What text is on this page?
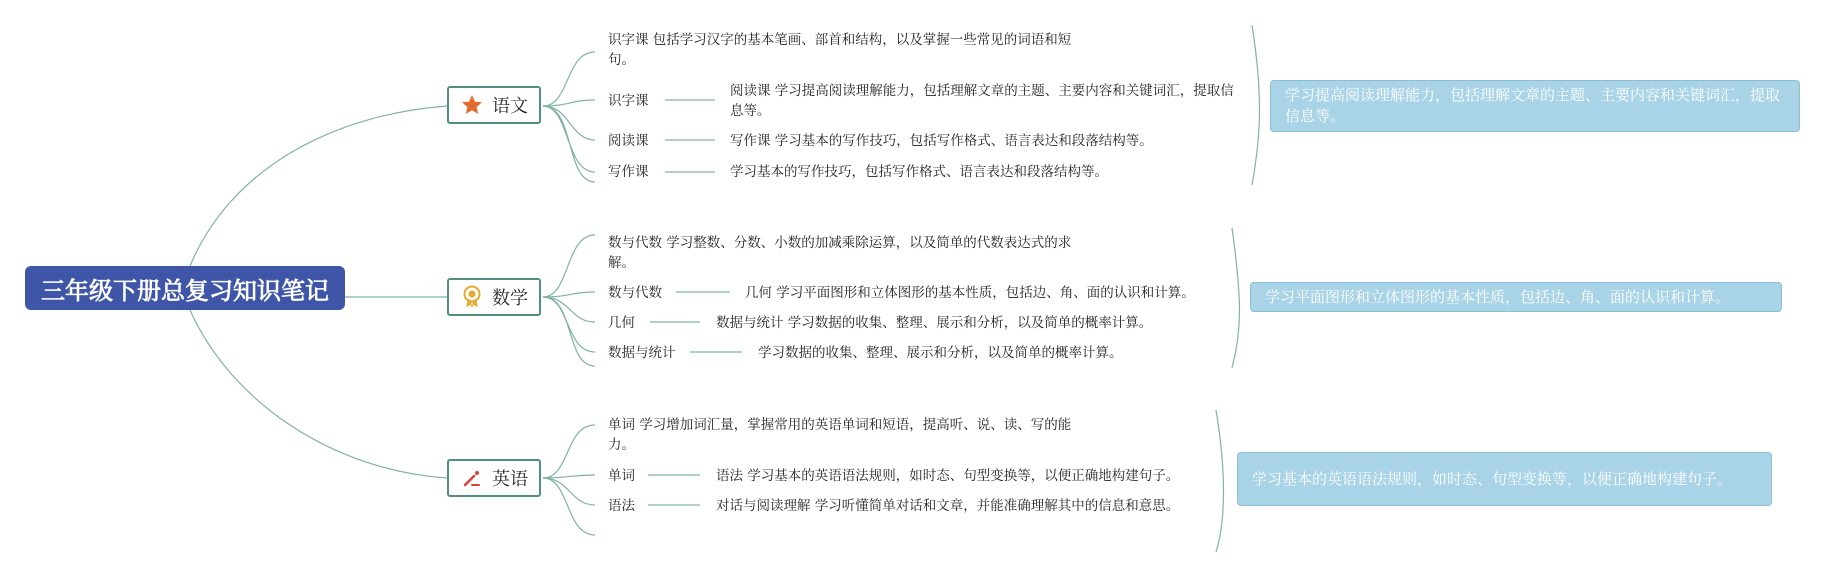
三年级下册总复习知识笔记
语文
识字课 包括学习汉字的基本笔画、部首和结构，以及掌握一些常见的词语和短句。
识字课
阅读课 学习提高阅读理解能力，包括理解文章的主题、主要内容和关键词汇，提取信息等。
阅读课	写作课 学习基本的写作技巧，包括写作格式、语言表达和段落结构等。
写作课	学习基本的写作技巧，包括写作格式、语言表达和段落结构等。
学习提高阅读理解能力，包括理解文章的主题、主要内容和关键词汇，提取信息等。
数学
数与代数 学习整数、分数、小数的加减乘除运算，以及简单的代数表达式的求解。
数与代数	几何 学习平面图形和立体图形的基本性质，包括边、角、面的认识和计算。
几何	数据与统计 学习数据的收集、整理、展示和分析，以及简单的概率计算。
数据与统计	学习数据的收集、整理、展示和分析，以及简单的概率计算。
学习平面图形和立体图形的基本性质，包括边、角、面的认识和计算。
英语
单词 学习增加词汇量，掌握常用的英语单词和短语，提高听、说、读、写的能力。
单词	语法 学习基本的英语语法规则，如时态、句型变换等，以便正确地构建句子。
语法	对话与阅读理解 学习听懂简单对话和文章，并能准确理解其中的信息和意思。
学习基本的英语语法规则，如时态、句型变换等，以便正确地构建句子。
